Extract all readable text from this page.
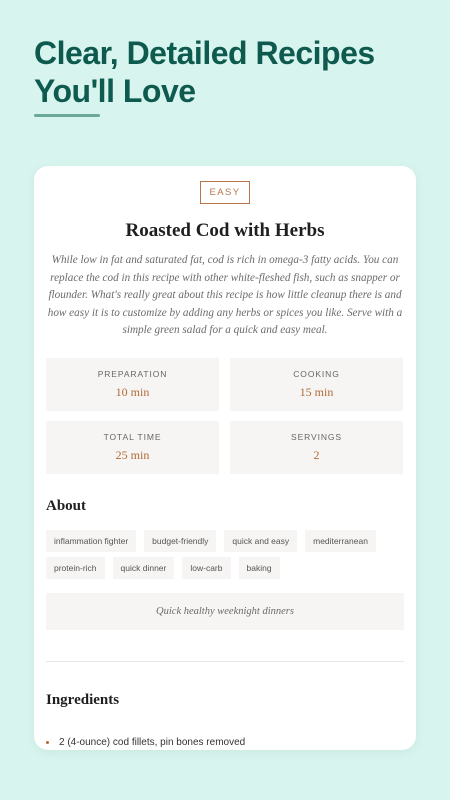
Clear, Detailed Recipes
You'll Love
EASY
Roasted Cod with Herbs

While low in fat and saturated fat, cod is rich in omega-3 fatty acids. You can replace the cod in this recipe with other white-fleshed fish, such as snapper or flounder. What's really great about this recipe is how little cleanup there is and how easy it is to customize by adding any herbs or spices you like. Serve with a simple green salad for a quick and easy meal.

PREPARATION
10 min
COOKING
15 min
TOTAL TIME
25 min
SERVINGS
2
About
inflammation fighter	budget-friendly	quick and easy	mediterranean
protein-rich	quick dinner	low-carb	baking
Quick healthy weeknight dinners
Ingredients
2 (4-ounce) cod fillets, pin bones removed
